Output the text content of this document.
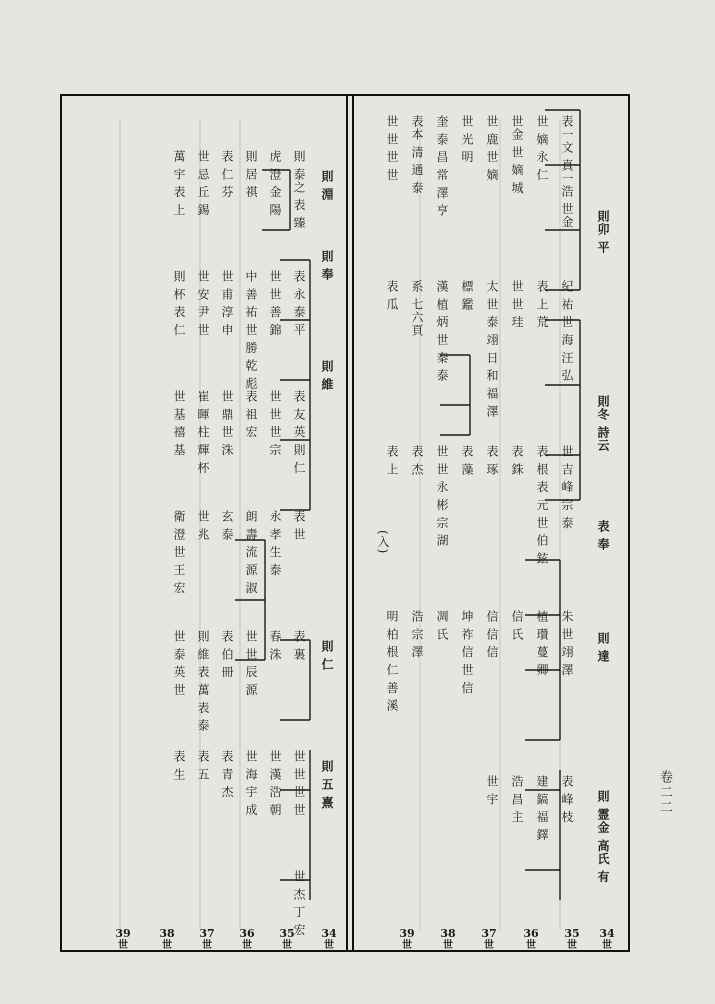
卷二二
則卯 平
則冬 詩云
表 奉
則 達
則 霊金 高氏 有
表一文 真一浩 世金
世 嫡 永 仁
世金 世 嫡 城
世 鹿 世 嫡
世 光 明
奎 泰 昌 常 澤 亨
表本 清 通 泰
世 世 世 世
紀 祐 世 海 汪 弘
表 上 荒
世 世 珪
太 世 泰 翊 日 和 福 澤
標 鑑
漢 植 炳 世 秦 泰
系 七六頁
表 瓜
世 吉 峰 宗 泰
表 根 表 元 世 伯 鉉
表 銖
表 琢
表 藻
世 世 永 彬 宗 湖
表 杰
表 上
朱 世 翊 澤
植 瓚 蔓 卿
信 氏
信 信 信
坤 祚 信 世 信
凋 氏
浩 宗 澤
明 柏 根 仁 善 溪
表 峰 枝
建 鎬 福 鐸
浩 昌 主
世 宇
34
世
35
世
36
世
37
世
38
世
39
世
則 淵
則 奉
則 維
則 仁
則 五 熹
則 泰之 表 臻
虎 澄 金 陽
則 居 祺
表 仁 芬
世 忌 丘 錫
萬 宇 表 上
表 永 泰 平
世 世 善 錦
中 善 祐 世 勝 乾 彪
世 甫 淳 申
世 安 尹 世
則 杯 表 仁
表 友 英 則 仁
世 世 世 宗
表 祖 宏
世 鼎 世 洙
崔 暉 柱 輝 杯
世 基 禧 基
表 世
永 孝 生 泰
朗 壽 流 源 淑
玄 泰
世 兆
衛 澄 世 王 宏
表 裏
春 洙
世 世 辰 源
表 伯 冊
則 維 表 萬 表 泰
世 泰 英 世
世 世 世 世
世 漢 浩 朝
世 海 宇 成
表 青 杰
表 五
表 生
世 杰 丁 宏	34
世
35
世
36
世
37
世
38
世
39
世
(入)
